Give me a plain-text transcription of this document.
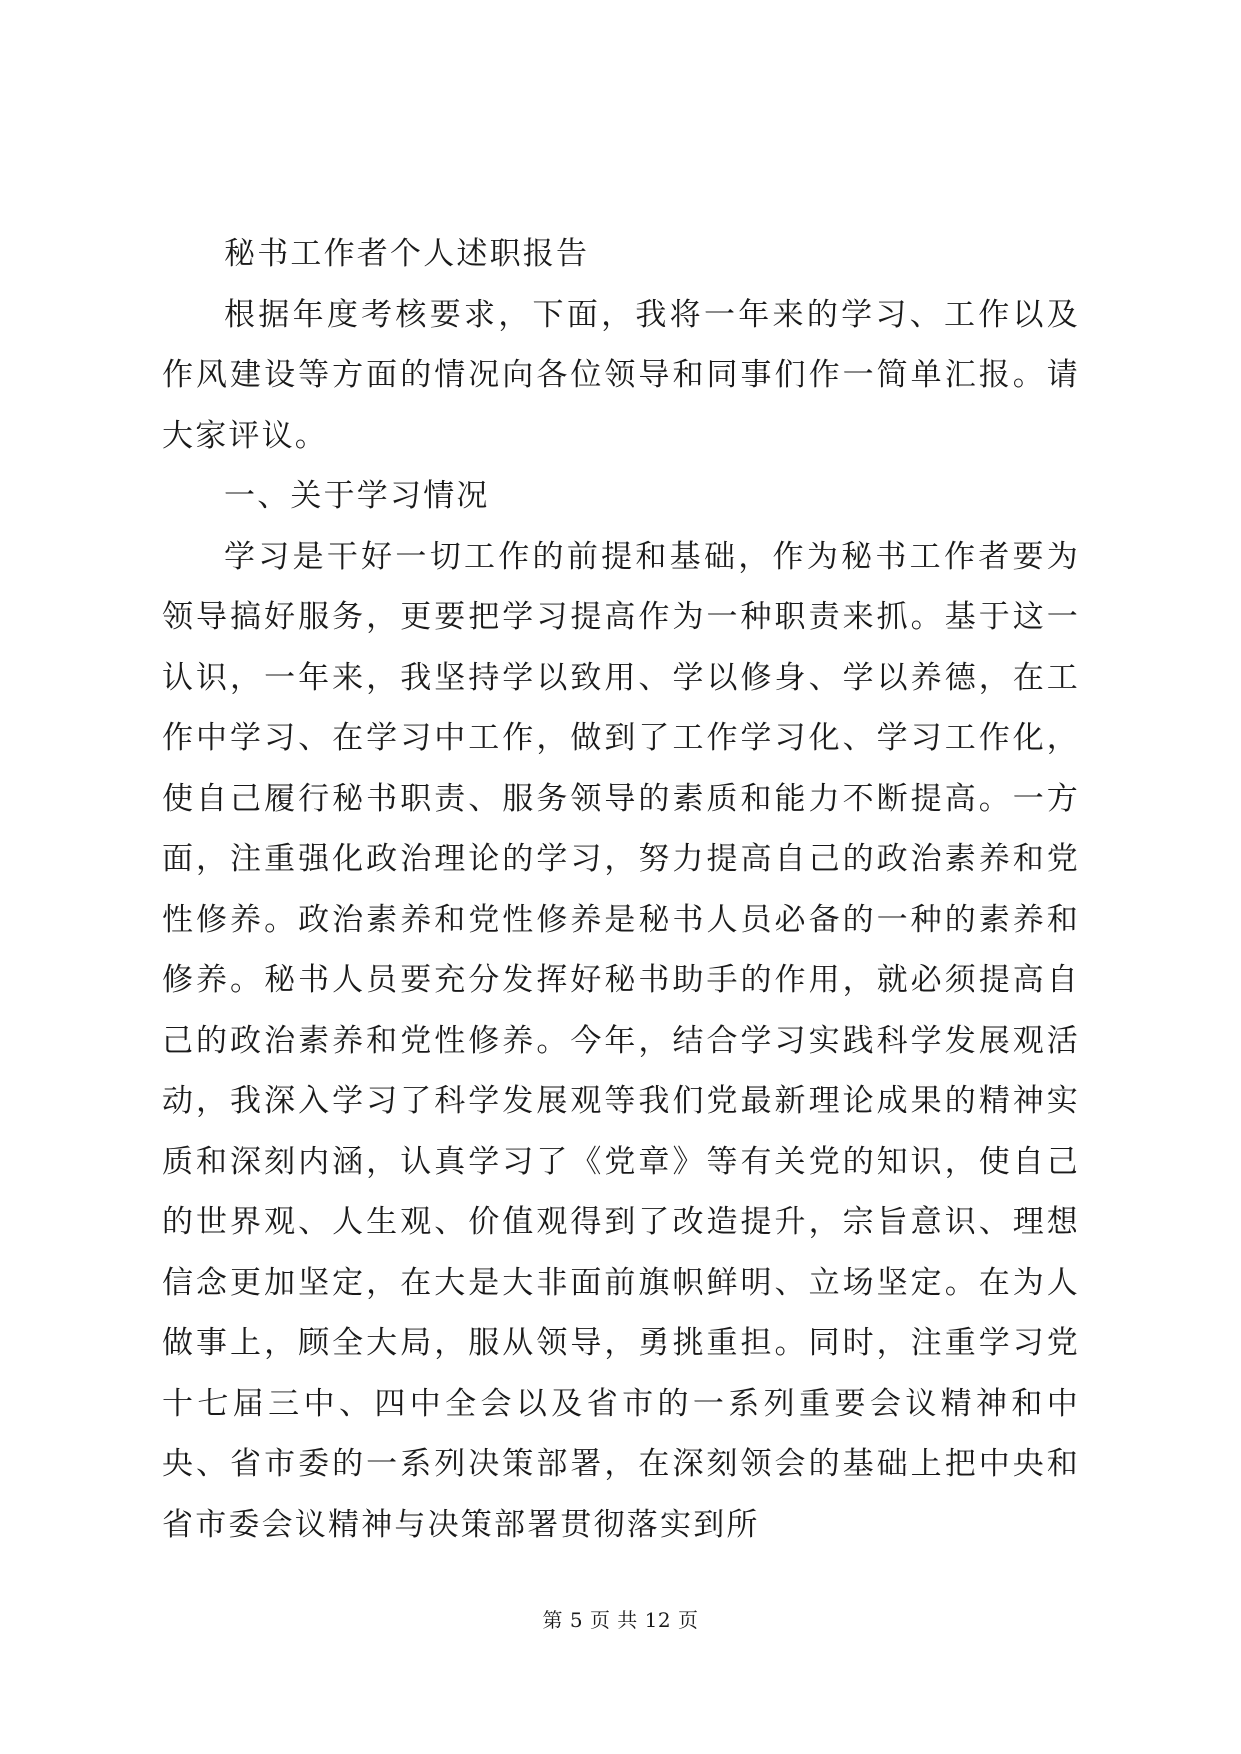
秘书工作者个人述职报告

根据年度考核要求，下面，我将一年来的学习、工作以及作风建设等方面的情况向各位领导和同事们作一简单汇报。请大家评议。

一、关于学习情况

学习是干好一切工作的前提和基础，作为秘书工作者要为领导搞好服务，更要把学习提高作为一种职责来抓。基于这一认识，一年来，我坚持学以致用、学以修身、学以养德，在工作中学习、在学习中工作，做到了工作学习化、学习工作化，使自己履行秘书职责、服务领导的素质和能力不断提高。一方面，注重强化政治理论的学习，努力提高自己的政治素养和党性修养。政治素养和党性修养是秘书人员必备的一种的素养和修养。秘书人员要充分发挥好秘书助手的作用，就必须提高自己的政治素养和党性修养。今年，结合学习实践科学发展观活动，我深入学习了科学发展观等我们党最新理论成果的精神实质和深刻内涵，认真学习了《党章》等有关党的知识，使自己的世界观、人生观、价值观得到了改造提升，宗旨意识、理想信念更加坚定，在大是大非面前旗帜鲜明、立场坚定。在为人做事上，顾全大局，服从领导，勇挑重担。同时，注重学习党十七届三中、四中全会以及省市的一系列重要会议精神和中央、省市委的一系列决策部署，在深刻领会的基础上把中央和省市委会议精神与决策部署贯彻落实到所

第 5 页 共 12 页
